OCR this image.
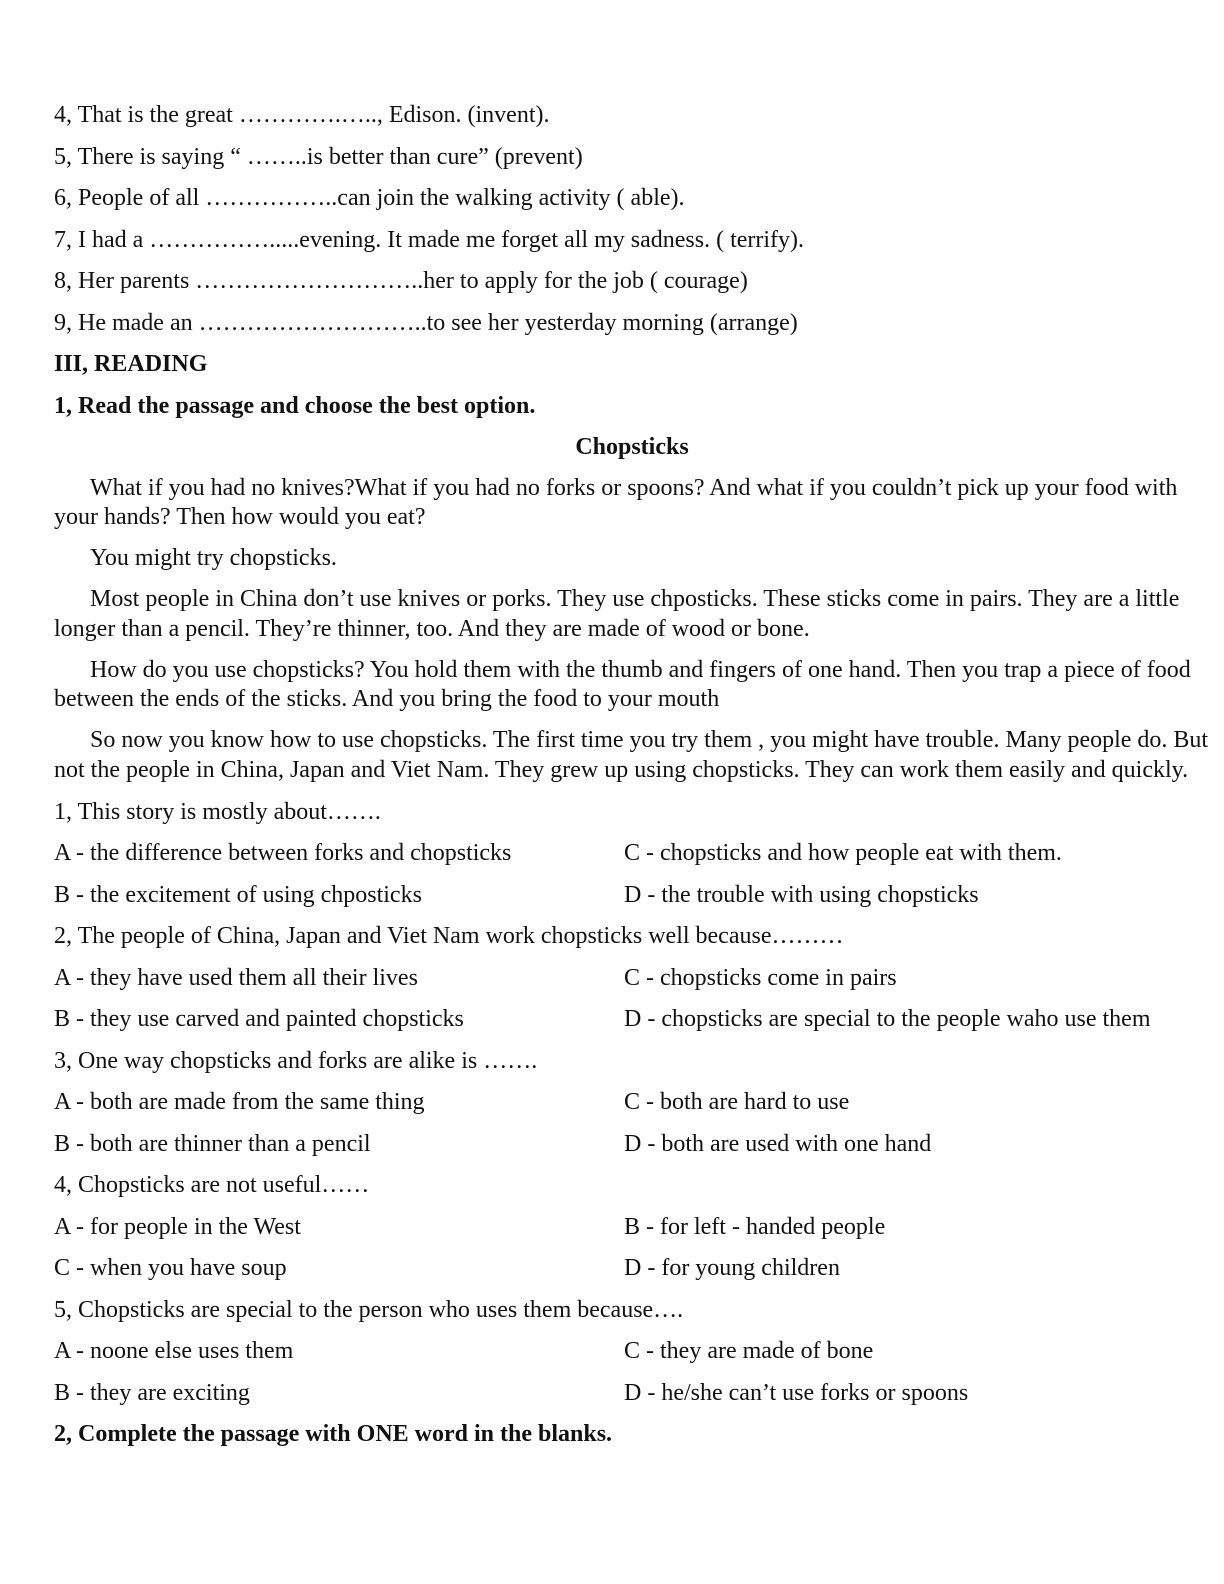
4, That is the great ………….….., Edison. (invent).
5, There is saying “ ……..is better than cure” (prevent)
6, People of all ……………..can join the walking activity ( able).
7, I had a …………….....evening. It made me forget all my sadness. ( terrify).
8, Her parents ………………………..her to apply for the job ( courage)
9, He made an ………………………..to see her yesterday morning (arrange)
III, READING
1, Read the passage and choose the best option.
Chopsticks
What if you had no knives?What if you had no forks or spoons? And what if you couldn’t pick up your food with your hands? Then how would you eat?
You might try chopsticks.
Most people in China don’t use knives or porks. They use chposticks. These sticks come in pairs. They are a little longer than a pencil. They’re thinner, too. And they are made of wood or bone.
How do you use chopsticks? You hold them with the thumb and fingers of one hand. Then you trap a piece of food between the ends of the sticks. And you bring the food to your mouth
So now you know how to use chopsticks. The first time you try them , you might have trouble. Many people do. But not the people in China, Japan and Viet Nam. They grew up using chopsticks. They can work them easily and quickly.
1, This story is mostly about…….
A - the difference between forks and chopsticks	C - chopsticks and how people eat with them.
B - the excitement of using chposticks	D - the trouble with using chopsticks
2, The people of China, Japan and Viet Nam work chopsticks well because………
A - they have used them all their lives	C - chopsticks come in pairs
B - they use carved and painted chopsticks	D - chopsticks are special to the people waho use them
3, One way chopsticks and forks are alike is …….
A - both are made from the same thing	C - both are hard to use
B - both are thinner than a pencil	D - both are used with one hand
4, Chopsticks are not useful……
A - for people in the West	B - for left - handed people
C - when you have soup	D - for young children
5, Chopsticks are special to the person who uses them because….
A - noone else uses them	C - they are made of bone
B - they are exciting	D - he/she can’t use forks or spoons
2, Complete the passage with ONE word in the blanks.
